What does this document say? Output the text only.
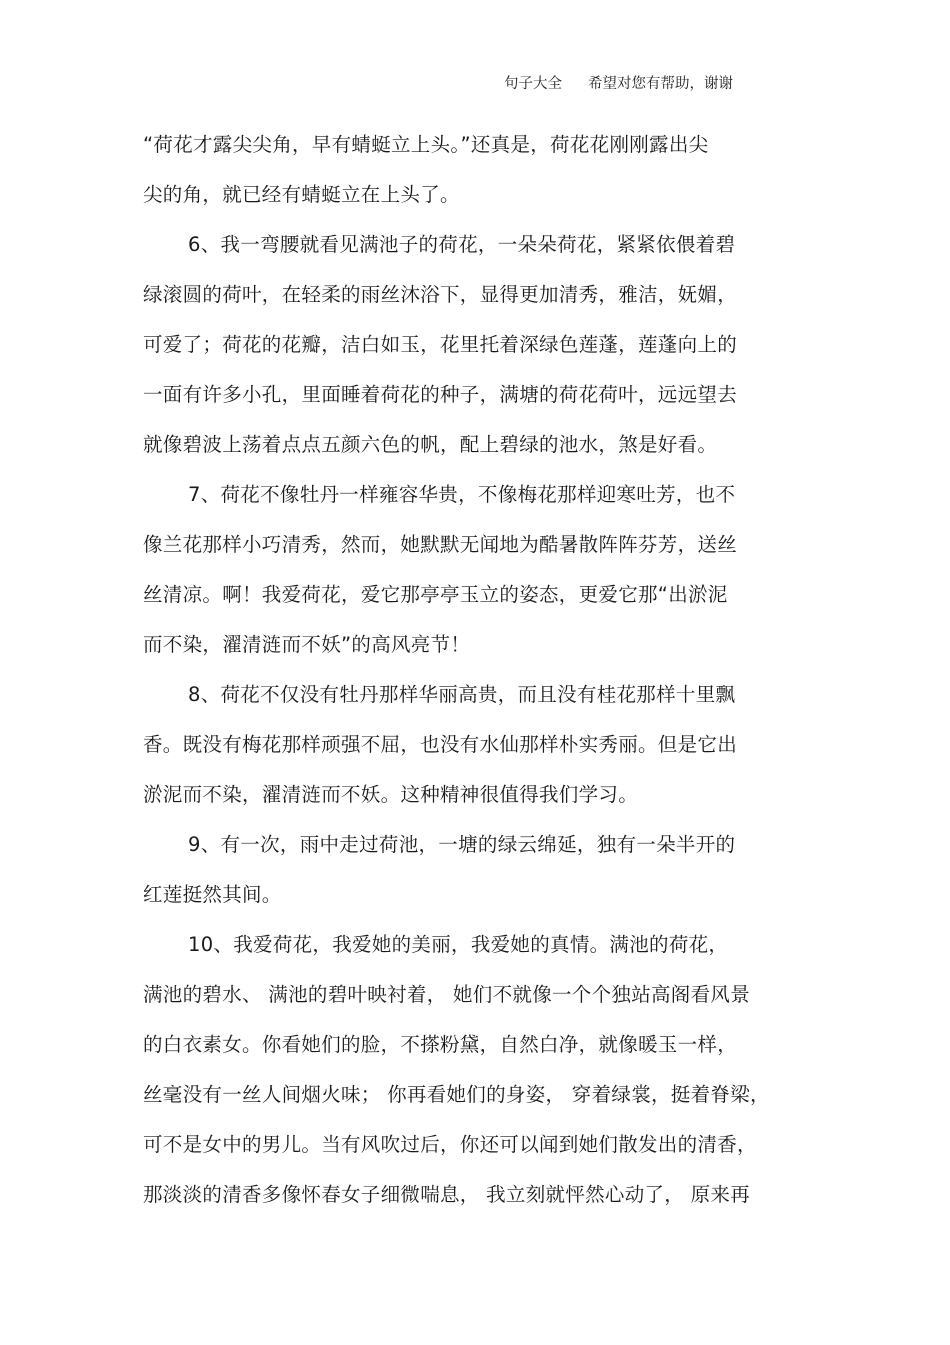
句子大全 希望对您有帮助，谢谢
“荷花才露尖尖角，早有蜻蜓立上头。”还真是，荷花花刚刚露出尖
尖的角，就已经有蜻蜓立在上头了。
6、我一弯腰就看见满池子的荷花，一朵朵荷花，紧紧依偎着碧
绿滚圆的荷叶，在轻柔的雨丝沐浴下，显得更加清秀，雅洁，妩媚，
可爱了；荷花的花瓣，洁白如玉，花里托着深绿色莲蓬，莲蓬向上的
一面有许多小孔，里面睡着荷花的种子，满塘的荷花荷叶，远远望去
就像碧波上荡着点点五颜六色的帆，配上碧绿的池水，煞是好看。
7、荷花不像牡丹一样雍容华贵，不像梅花那样迎寒吐芳，也不
像兰花那样小巧清秀，然而，她默默无闻地为酷暑散阵阵芬芳，送丝
丝清凉。啊！我爱荷花，爱它那亭亭玉立的姿态，更爱它那“出淤泥
而不染，濯清涟而不妖”的高风亮节！
8、荷花不仅没有牡丹那样华丽高贵，而且没有桂花那样十里飘
香。既没有梅花那样顽强不屈，也没有水仙那样朴实秀丽。但是它出
淤泥而不染，濯清涟而不妖。这种精神很值得我们学习。
9、有一次，雨中走过荷池，一塘的绿云绵延，独有一朵半开的
红莲挺然其间。
10、我爱荷花，我爱她的美丽，我爱她的真情。满池的荷花，
满池的碧水、 满池的碧叶映衬着， 她们不就像一个个独站高阁看风景
的白衣素女。你看她们的脸，不搽粉黛，自然白净，就像暖玉一样，
丝毫没有一丝人间烟火味； 你再看她们的身姿， 穿着绿裳，挺着脊梁，
可不是女中的男儿。当有风吹过后，你还可以闻到她们散发出的清香，
那淡淡的清香多像怀春女子细微喘息， 我立刻就怦然心动了， 原来再
